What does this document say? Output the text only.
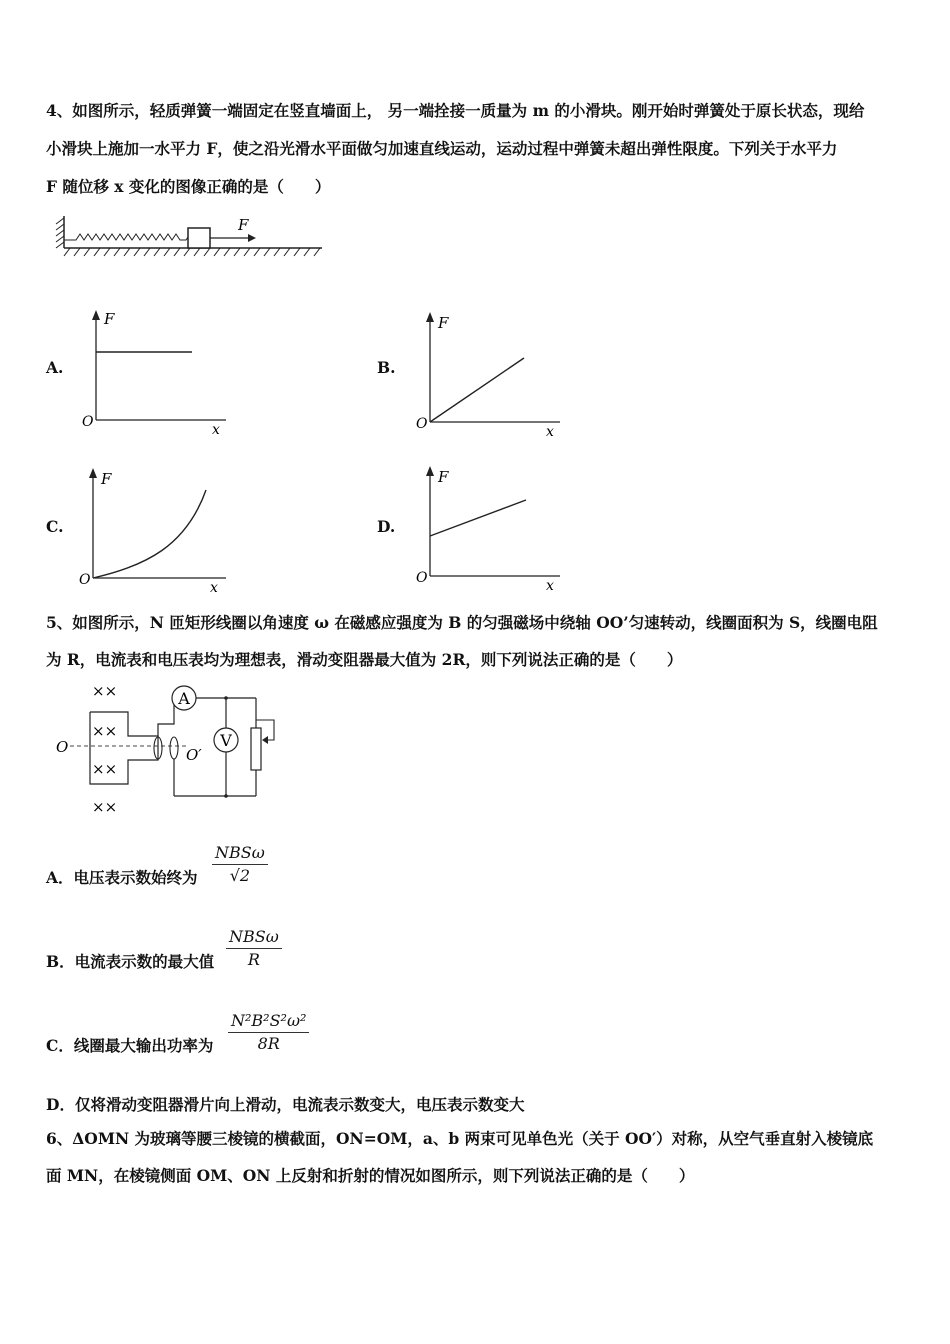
4、如图所示，轻质弹簧一端固定在竖直墙面上， 另一端拴接一质量为 m 的小滑块。刚开始时弹簧处于原长状态，现给
小滑块上施加一水平力 F，使之沿光滑水平面做匀加速直线运动，运动过程中弹簧未超出弹性限度。下列关于水平力
F 随位移 x 变化的图像正确的是（　　）
F
A.
F
O	x
B.
F
O	x
C.
F
O	x
D.
F
O	x
5、如图所示，N 匝矩形线圈以角速度 ω 在磁感应强度为 B 的匀强磁场中绕轴 OO’匀速转动，线圈面积为 S，线圈电阻
为 R，电流表和电压表均为理想表，滑动变阻器最大值为 2R，则下列说法正确的是（　　）
××
××
××
××
O	O′
A
V
A．电压表示数始终为
NBSω
√2
B．电流表示数的最大值
NBSω
R
C．线圈最大输出功率为 $\frac{\text{N²B²S²ω²}}{8R}$
D．仅将滑动变阻器滑片向上滑动，电流表示数变大，电压表示数变大
6、ΔOMN 为玻璃等腰三棱镜的横截面，ON=OM，a、b 两束可见单色光（关于 OO′）对称，从空气垂直射入棱镜底
面 MN，在棱镜侧面 OM、ON 上反射和折射的情况如图所示，则下列说法正确的是（　　）
